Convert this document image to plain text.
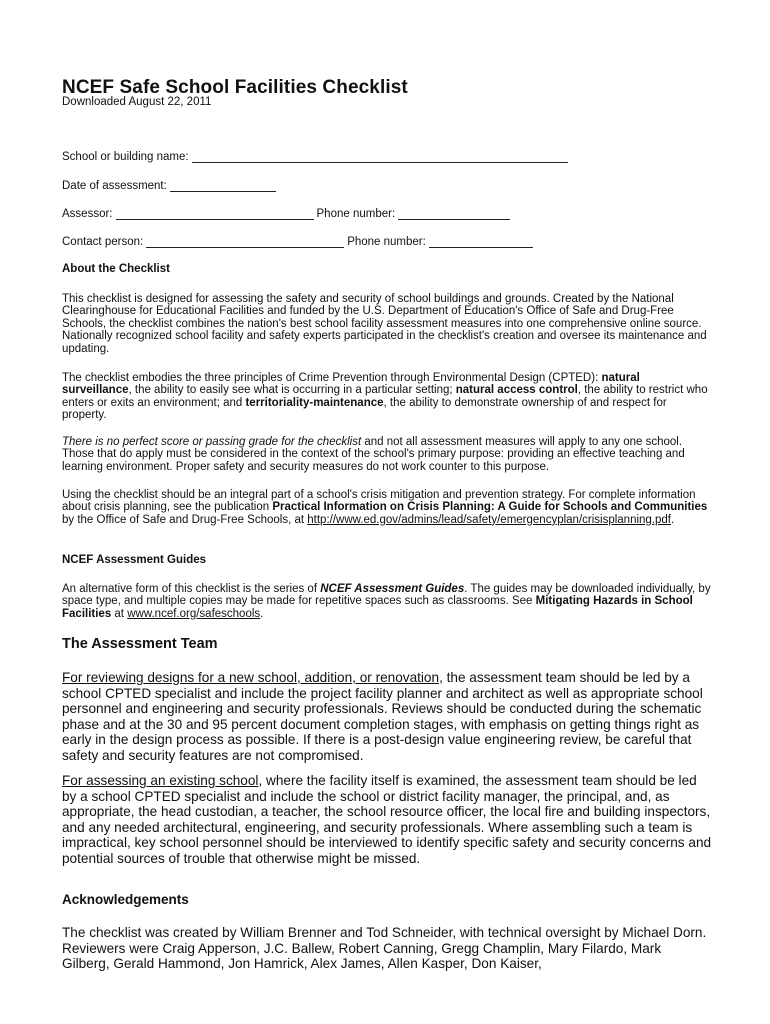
NCEF Safe School Facilities Checklist
Downloaded August 22, 2011
School or building name:
Date of assessment:
Assessor:	Phone number:
Contact person:	Phone number:
About the Checklist

This checklist is designed for assessing the safety and security of school buildings and grounds. Created by the National Clearinghouse for Educational Facilities and funded by the U.S. Department of Education's Office of Safe and Drug-Free Schools, the checklist combines the nation's best school facility assessment measures into one comprehensive online source. Nationally recognized school facility and safety experts participated in the checklist's creation and oversee its maintenance and updating.

The checklist embodies the three principles of Crime Prevention through Environmental Design (CPTED): natural surveillance, the ability to easily see what is occurring in a particular setting; natural access control, the ability to restrict who enters or exits an environment; and territoriality-maintenance, the ability to demonstrate ownership of and respect for property.

There is no perfect score or passing grade for the checklist and not all assessment measures will apply to any one school. Those that do apply must be considered in the context of the school's primary purpose: providing an effective teaching and learning environment. Proper safety and security measures do not work counter to this purpose.

Using the checklist should be an integral part of a school's crisis mitigation and prevention strategy. For complete information about crisis planning, see the publication Practical Information on Crisis Planning: A Guide for Schools and Communities by the Office of Safe and Drug-Free Schools, at http://www.ed.gov/admins/lead/safety/emergencyplan/crisisplanning.pdf.

NCEF Assessment Guides

An alternative form of this checklist is the series of NCEF Assessment Guides. The guides may be downloaded individually, by space type, and multiple copies may be made for repetitive spaces such as classrooms. See Mitigating Hazards in School Facilities at www.ncef.org/safeschools.

The Assessment Team

For reviewing designs for a new school, addition, or renovation, the assessment team should be led by a school CPTED specialist and include the project facility planner and architect as well as appropriate school personnel and engineering and security professionals. Reviews should be conducted during the schematic phase and at the 30 and 95 percent document completion stages, with emphasis on getting things right as early in the design process as possible. If there is a post-design value engineering review, be careful that safety and security features are not compromised.

For assessing an existing school, where the facility itself is examined, the assessment team should be led by a school CPTED specialist and include the school or district facility manager, the principal, and, as appropriate, the head custodian, a teacher, the school resource officer, the local fire and building inspectors, and any needed architectural, engineering, and security professionals. Where assembling such a team is impractical, key school personnel should be interviewed to identify specific safety and security concerns and potential sources of trouble that otherwise might be missed.

Acknowledgements

The checklist was created by William Brenner and Tod Schneider, with technical oversight by Michael Dorn. Reviewers were Craig Apperson, J.C. Ballew, Robert Canning, Gregg Champlin, Mary Filardo, Mark Gilberg, Gerald Hammond, Jon Hamrick, Alex James, Allen Kasper, Don Kaiser,
